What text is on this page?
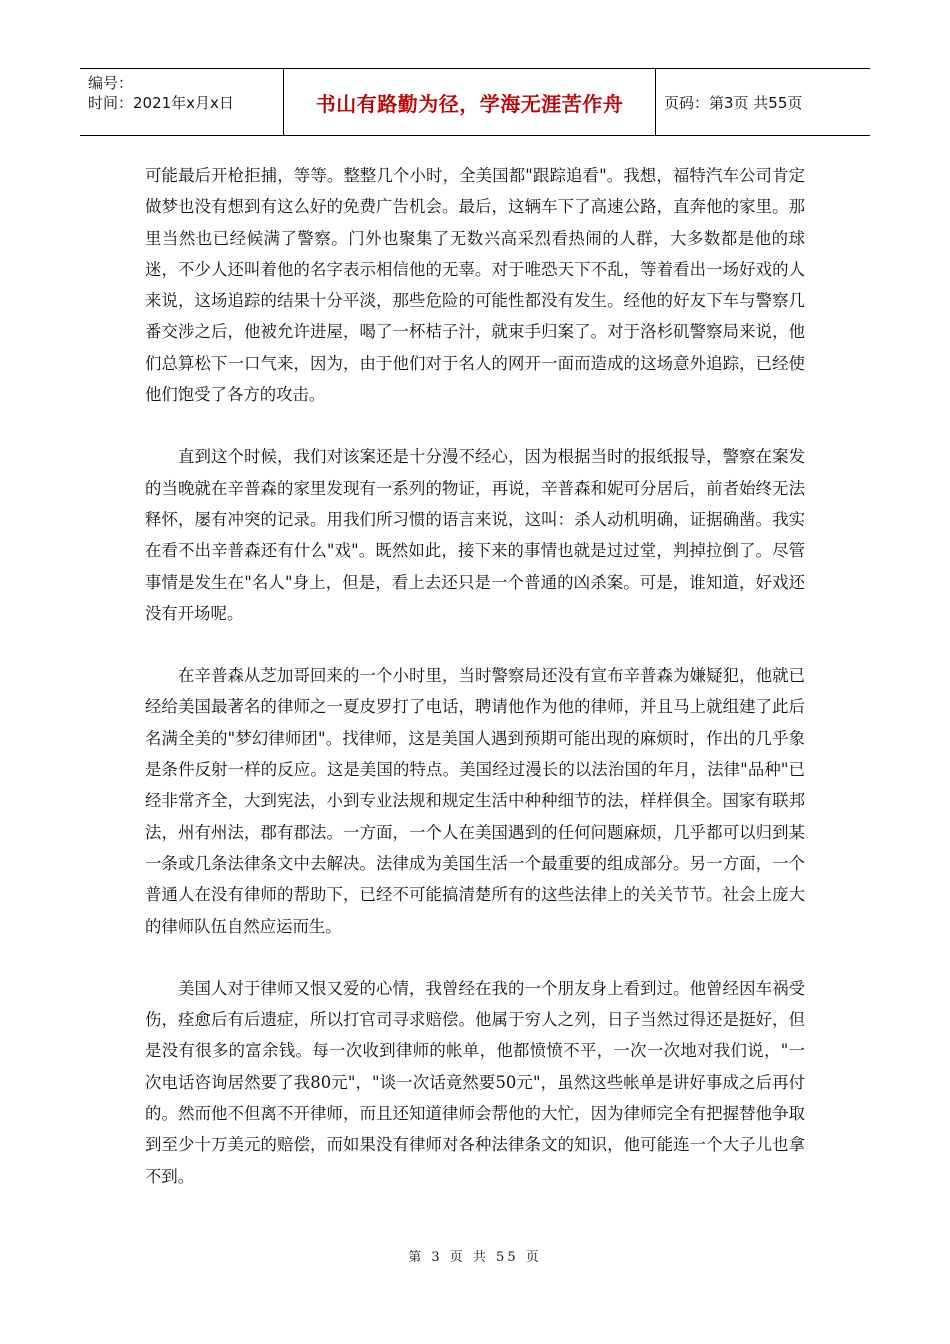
编号：
时间：2021年x月x日	书山有路勤为径，学海无涯苦作舟	页码：第3页 共55页

可能最后开枪拒捕，等等。整整几个小时，全美国都"跟踪追看"。我想，福特汽车公司肯定做梦也没有想到有这么好的免费广告机会。最后，这辆车下了高速公路，直奔他的家里。那里当然也已经候满了警察。门外也聚集了无数兴高采烈看热闹的人群，大多数都是他的球迷，不少人还叫着他的名字表示相信他的无辜。对于唯恐天下不乱，等着看出一场好戏的人来说，这场追踪的结果十分平淡，那些危险的可能性都没有发生。经他的好友下车与警察几番交涉之后，他被允许进屋，喝了一杯桔子汁，就束手归案了。对于洛杉矶警察局来说，他们总算松下一口气来，因为，由于他们对于名人的网开一面而造成的这场意外追踪，已经使他们饱受了各方的攻击。

直到这个时候，我们对该案还是十分漫不经心，因为根据当时的报纸报导，警察在案发的当晚就在辛普森的家里发现有一系列的物证，再说，辛普森和妮可分居后，前者始终无法释怀，屡有冲突的记录。用我们所习惯的语言来说，这叫：杀人动机明确，证据确凿。我实在看不出辛普森还有什么"戏"。既然如此，接下来的事情也就是过过堂，判掉拉倒了。尽管事情是发生在"名人"身上，但是，看上去还只是一个普通的凶杀案。可是，谁知道，好戏还没有开场呢。

在辛普森从芝加哥回来的一个小时里，当时警察局还没有宣布辛普森为嫌疑犯，他就已经给美国最著名的律师之一夏皮罗打了电话，聘请他作为他的律师，并且马上就组建了此后名满全美的"梦幻律师团"。找律师，这是美国人遇到预期可能出现的麻烦时，作出的几乎象是条件反射一样的反应。这是美国的特点。美国经过漫长的以法治国的年月，法律"品种"已经非常齐全，大到宪法，小到专业法规和规定生活中种种细节的法，样样俱全。国家有联邦法，州有州法，郡有郡法。一方面，一个人在美国遇到的任何问题麻烦，几乎都可以归到某一条或几条法律条文中去解决。法律成为美国生活一个最重要的组成部分。另一方面，一个普通人在没有律师的帮助下，已经不可能搞清楚所有的这些法律上的关关节节。社会上庞大的律师队伍自然应运而生。

美国人对于律师又恨又爱的心情，我曾经在我的一个朋友身上看到过。他曾经因车祸受伤，痊愈后有后遗症，所以打官司寻求赔偿。他属于穷人之列，日子当然过得还是挺好，但是没有很多的富余钱。每一次收到律师的帐单，他都愤愤不平，一次一次地对我们说，"一次电话咨询居然要了我80元"，"谈一次话竟然要50元"，虽然这些帐单是讲好事成之后再付的。然而他不但离不开律师，而且还知道律师会帮他的大忙，因为律师完全有把握替他争取到至少十万美元的赔偿，而如果没有律师对各种法律条文的知识，他可能连一个大子儿也拿不到。

第 3 页 共 55 页
